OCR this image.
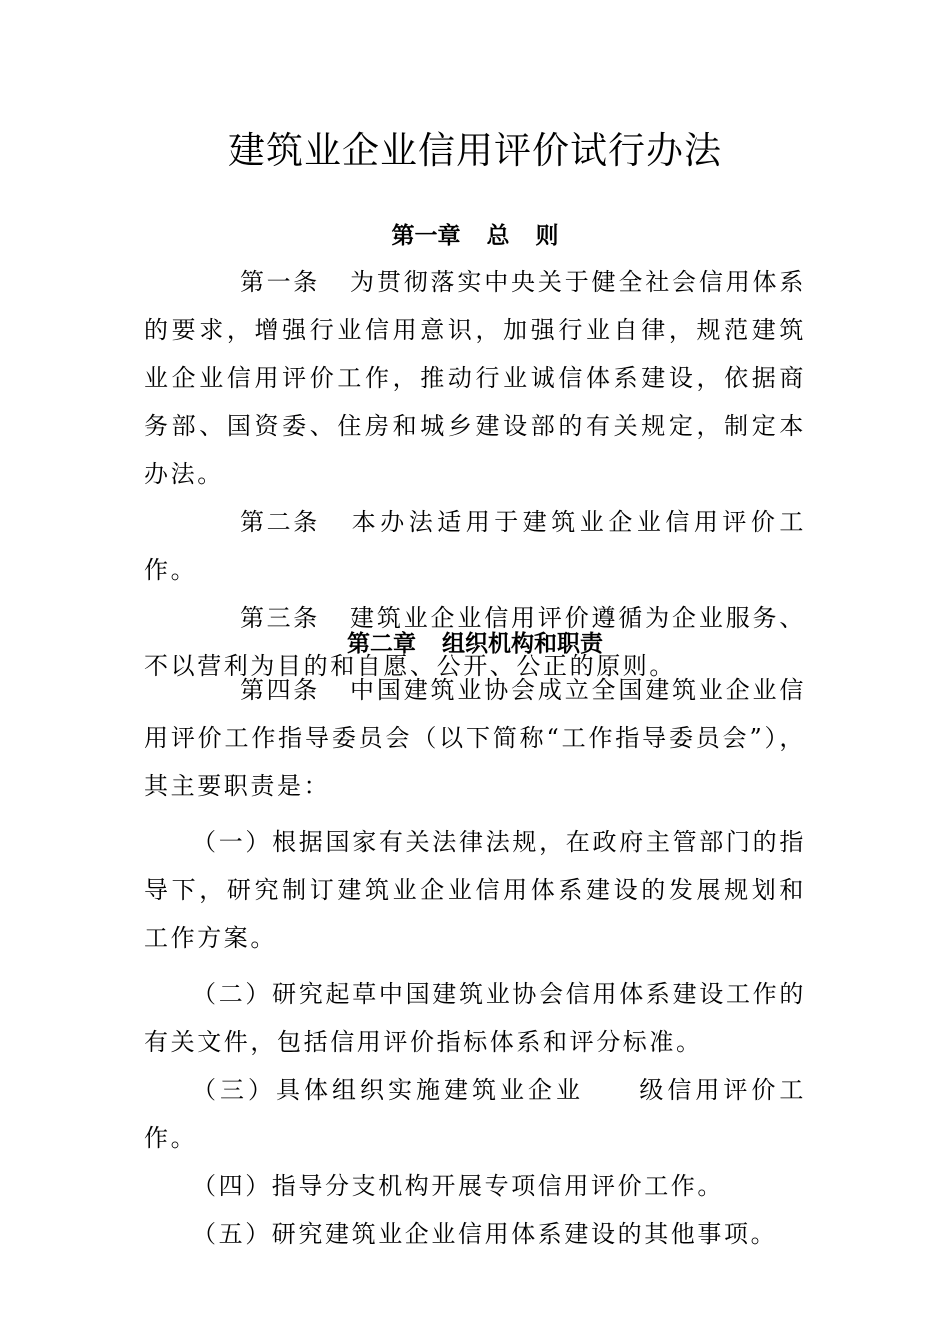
建筑业企业信用评价试行办法
第一章 总 则

第一条 为贯彻落实中央关于健全社会信用体系的要求，增强行业信用意识，加强行业自律，规范建筑业企业信用评价工作，推动行业诚信体系建设，依据商务部、国资委、住房和城乡建设部的有关规定，制定本办法。

第二条 本办法适用于建筑业企业信用评价工作。

第三条 建筑业企业信用评价遵循为企业服务、不以营利为目的和自愿、公开、公正的原则。

第二章 组织机构和职责

第四条 中国建筑业协会成立全国建筑业企业信用评价工作指导委员会（以下简称“工作指导委员会”），其主要职责是：

（一）根据国家有关法律法规，在政府主管部门的指导下，研究制订建筑业企业信用体系建设的发展规划和工作方案。

（二）研究起草中国建筑业协会信用体系建设工作的有关文件，包括信用评价指标体系和评分标准。

（三）具体组织实施建筑业企业 级信用评价工作。

（四）指导分支机构开展专项信用评价工作。

（五）研究建筑业企业信用体系建设的其他事项。
